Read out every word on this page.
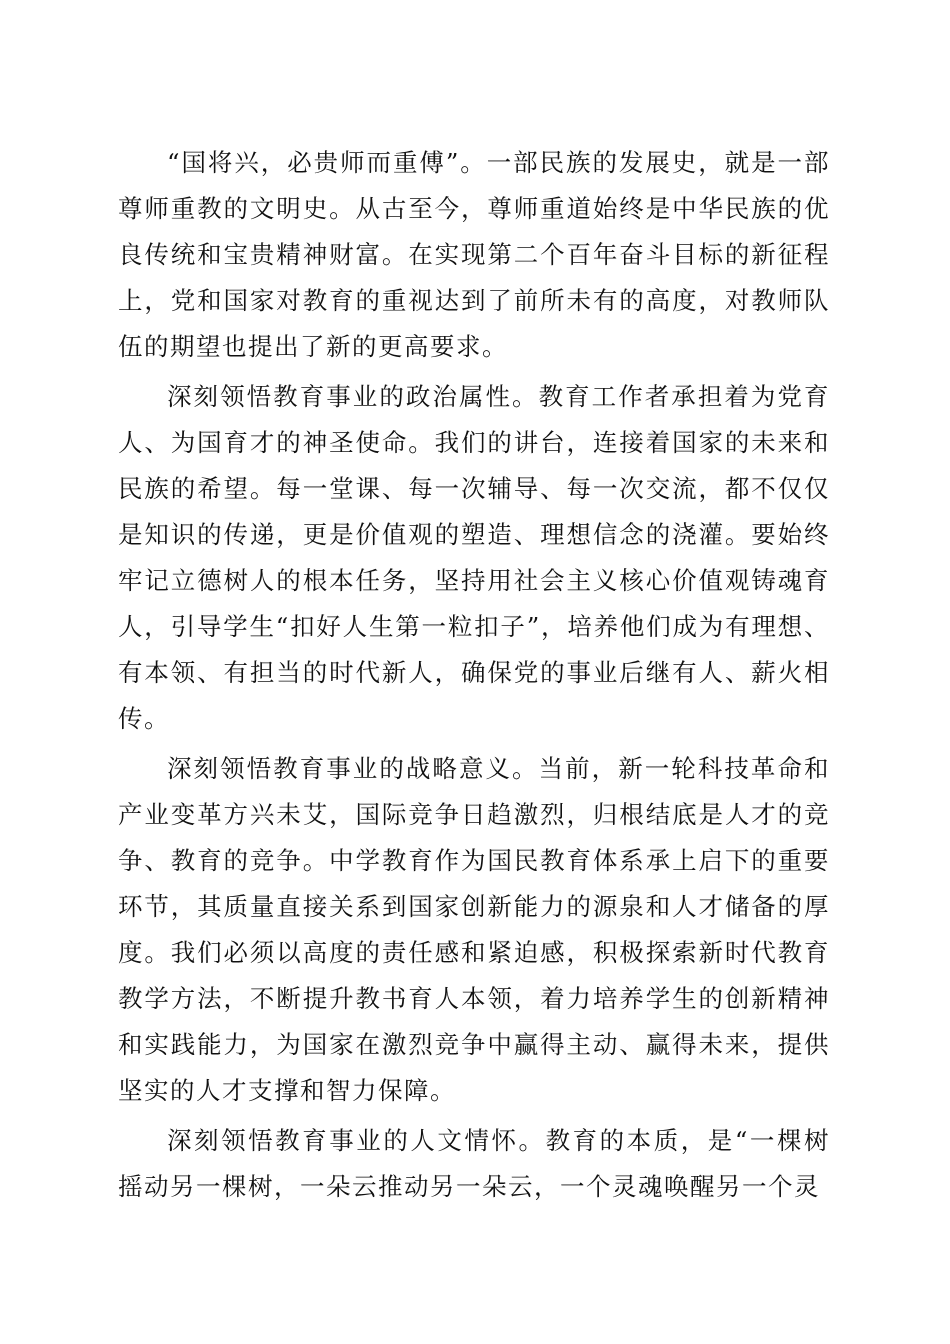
“国将兴，必贵师而重傅”。一部民族的发展史，就是一部尊师重教的文明史。从古至今，尊师重道始终是中华民族的优良传统和宝贵精神财富。在实现第二个百年奋斗目标的新征程上，党和国家对教育的重视达到了前所未有的高度，对教师队伍的期望也提出了新的更高要求。

深刻领悟教育事业的政治属性。教育工作者承担着为党育人、为国育才的神圣使命。我们的讲台，连接着国家的未来和民族的希望。每一堂课、每一次辅导、每一次交流，都不仅仅是知识的传递，更是价值观的塑造、理想信念的浇灌。要始终牢记立德树人的根本任务，坚持用社会主义核心价值观铸魂育人，引导学生“扣好人生第一粒扣子”，培养他们成为有理想、有本领、有担当的时代新人，确保党的事业后继有人、薪火相传。

深刻领悟教育事业的战略意义。当前，新一轮科技革命和产业变革方兴未艾，国际竞争日趋激烈，归根结底是人才的竞争、教育的竞争。中学教育作为国民教育体系承上启下的重要环节，其质量直接关系到国家创新能力的源泉和人才储备的厚度。我们必须以高度的责任感和紧迫感，积极探索新时代教育教学方法，不断提升教书育人本领，着力培养学生的创新精神和实践能力，为国家在激烈竞争中赢得主动、赢得未来，提供坚实的人才支撑和智力保障。

深刻领悟教育事业的人文情怀。教育的本质，是“一棵树摇动另一棵树，一朵云推动另一朵云，一个灵魂唤醒另一个灵
